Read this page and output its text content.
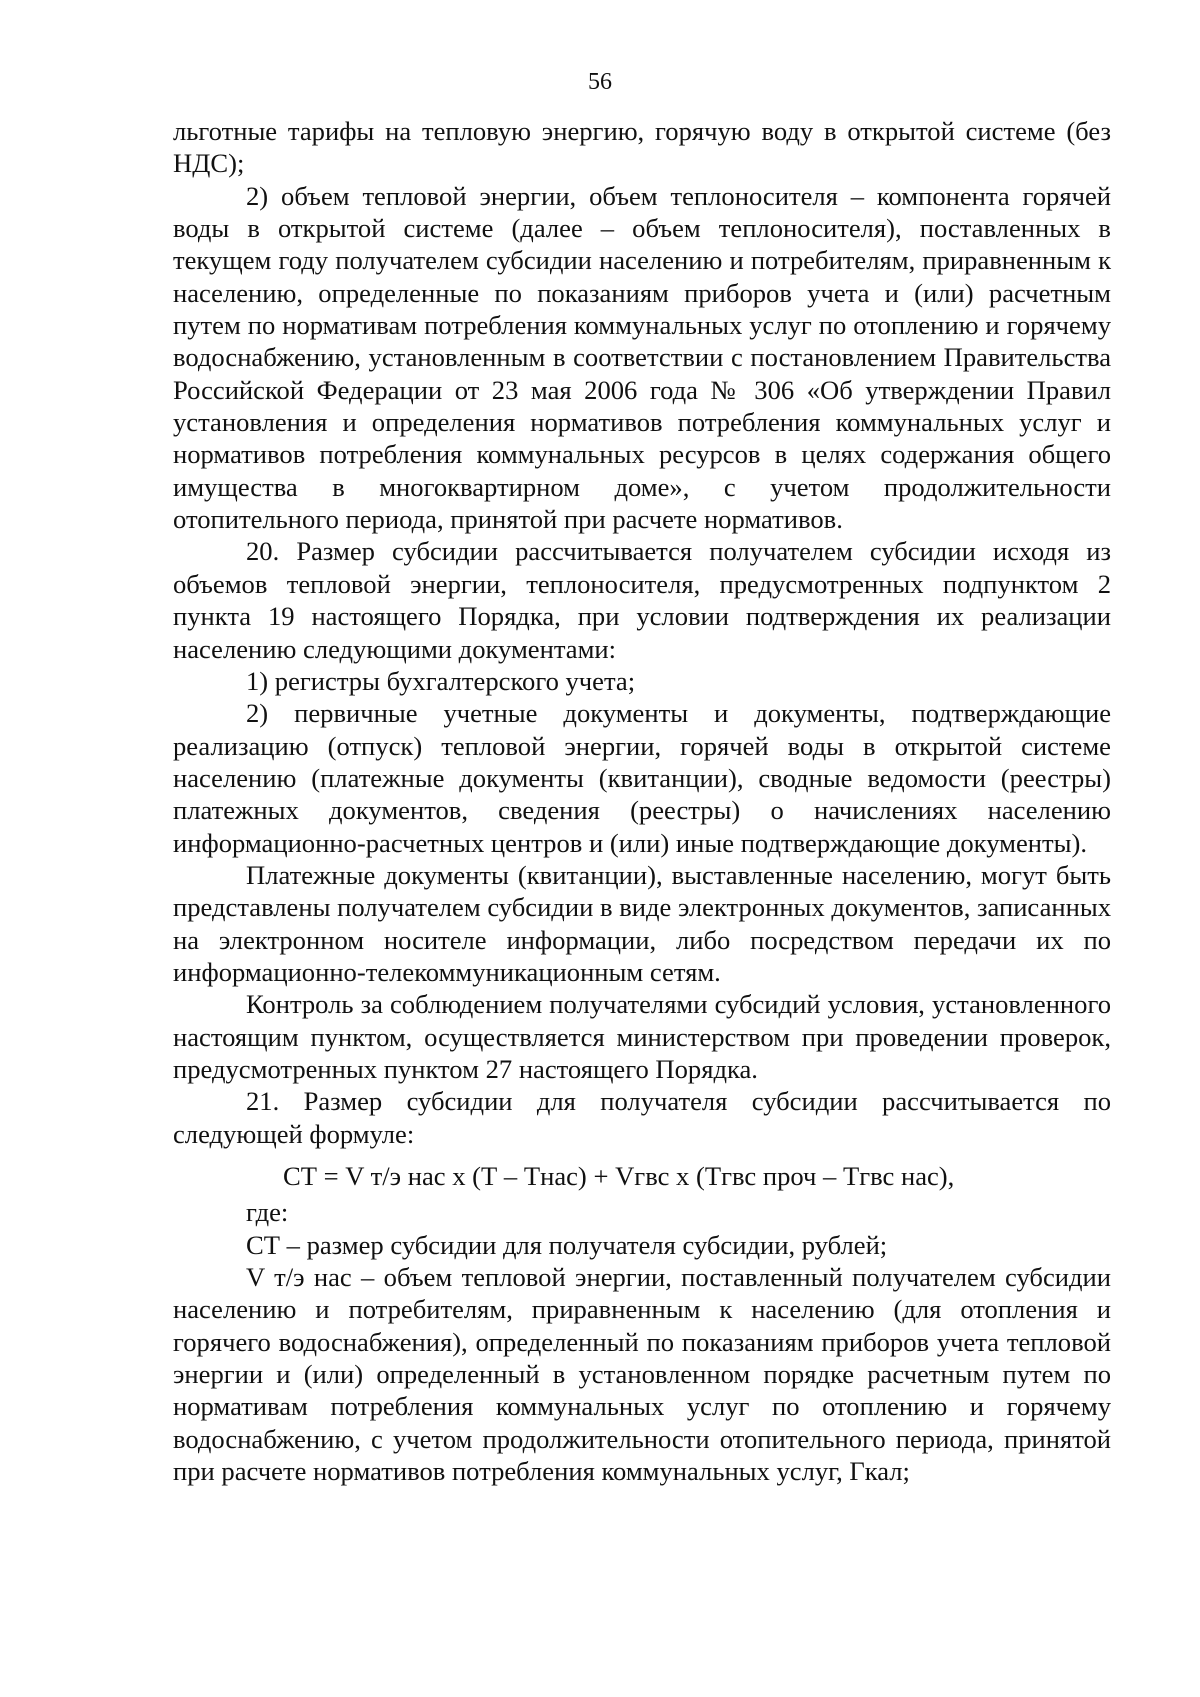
56

льготные тарифы на тепловую энергию, горячую воду в открытой системе (без НДС);

2) объем тепловой энергии, объем теплоносителя – компонента горячей воды в открытой системе (далее – объем теплоносителя), поставленных в текущем году получателем субсидии населению и потребителям, приравненным к населению, определенные по показаниям приборов учета и (или) расчетным путем по нормативам потребления коммунальных услуг по отоплению и горячему водоснабжению, установленным в соответствии с постановлением Правительства Российской Федерации от 23 мая 2006 года № 306 «Об утверждении Правил установления и определения нормативов потребления коммунальных услуг и нормативов потребления коммунальных ресурсов в целях содержания общего имущества в многоквартирном доме», с учетом продолжительности отопительного периода, принятой при расчете нормативов.

20. Размер субсидии рассчитывается получателем субсидии исходя из объемов тепловой энергии, теплоносителя, предусмотренных подпунктом 2 пункта 19 настоящего Порядка, при условии подтверждения их реализации населению следующими документами:

1) регистры бухгалтерского учета;

2) первичные учетные документы и документы, подтверждающие реализацию (отпуск) тепловой энергии, горячей воды в открытой системе населению (платежные документы (квитанции), сводные ведомости (реестры) платежных документов, сведения (реестры) о начислениях населению информационно-расчетных центров и (или) иные подтверждающие документы).

Платежные документы (квитанции), выставленные населению, могут быть представлены получателем субсидии в виде электронных документов, записанных на электронном носителе информации, либо посредством передачи их по информационно-телекоммуникационным сетям.

Контроль за соблюдением получателями субсидий условия, установленного настоящим пунктом, осуществляется министерством при проведении проверок, предусмотренных пунктом 27 настоящего Порядка.

21. Размер субсидии для получателя субсидии рассчитывается по следующей формуле:

СТ = V т/э нас х (Т – Тнас) + Vгвс х (Тгвс проч – Тгвс нас),

где:

СТ – размер субсидии для получателя субсидии, рублей;

V т/э нас – объем тепловой энергии, поставленный получателем субсидии населению и потребителям, приравненным к населению (для отопления и горячего водоснабжения), определенный по показаниям приборов учета тепловой энергии и (или) определенный в установленном порядке расчетным путем по нормативам потребления коммунальных услуг по отоплению и горячему водоснабжению, с учетом продолжительности отопительного периода, принятой при расчете нормативов потребления коммунальных услуг, Гкал;
